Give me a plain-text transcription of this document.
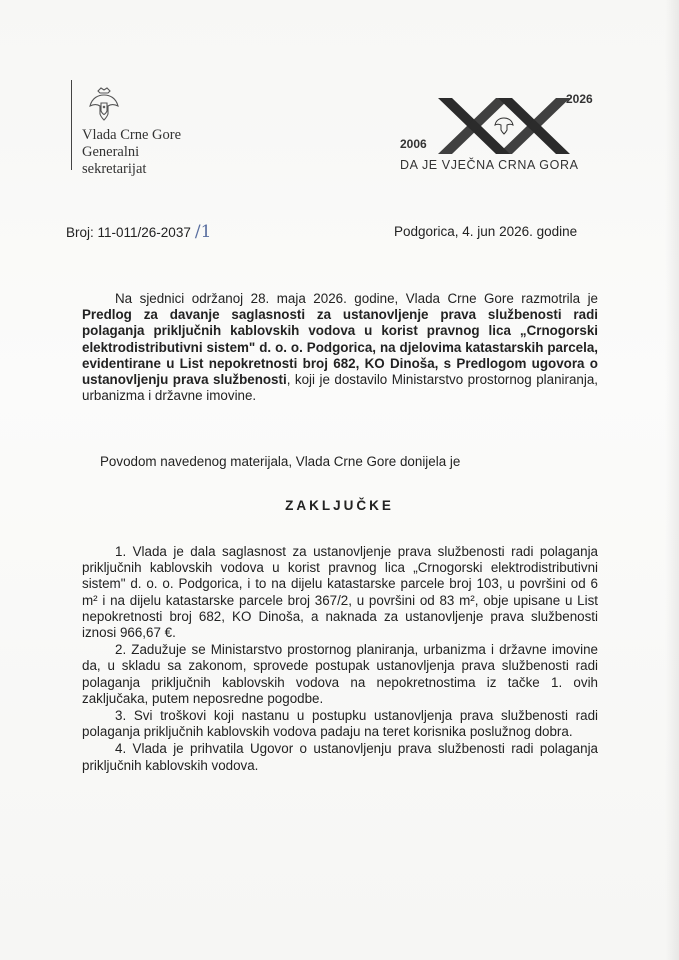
Vlada Crne Gore
Generalni
sekretarijat
2006
2026
DA JE VJEČNA CRNA GORA
Broj: 11-011/26-2037 /1	Podgorica, 4. jun 2026. godine
Na sjednici održanoj 28. maja 2026. godine, Vlada Crne Gore razmotrila je Predlog za davanje saglasnosti za ustanovljenje prava službenosti radi polaganja priključnih kablovskih vodova u korist pravnog lica „Crnogorski elektrodistributivni sistem" d. o. o. Podgorica, na djelovima katastarskih parcela, evidentirane u List nepokretnosti broj 682, KO Dinoša, s Predlogom ugovora o ustanovljenju prava službenosti, koji je dostavilo Ministarstvo prostornog planiranja, urbanizma i državne imovine.
Povodom navedenog materijala, Vlada Crne Gore donijela je
ZAKLJUČKE
1. Vlada je dala saglasnost za ustanovljenje prava službenosti radi polaganja priključnih kablovskih vodova u korist pravnog lica „Crnogorski elektrodistributivni sistem" d. o. o. Podgorica, i to na dijelu katastarske parcele broj 103, u površini od 6 m² i na dijelu katastarske parcele broj 367/2, u površini od 83 m², obje upisane u List nepokretnosti broj 682, KO Dinoša, a naknada za ustanovljenje prava službenosti iznosi 966,67 €.
2. Zadužuje se Ministarstvo prostornog planiranja, urbanizma i državne imovine da, u skladu sa zakonom, sprovede postupak ustanovljenja prava službenosti radi polaganja priključnih kablovskih vodova na nepokretnostima iz tačke 1. ovih zaključaka, putem neposredne pogodbe.
3. Svi troškovi koji nastanu u postupku ustanovljenja prava službenosti radi polaganja priključnih kablovskih vodova padaju na teret korisnika poslužnog dobra.
4. Vlada je prihvatila Ugovor o ustanovljenju prava službenosti radi polaganja priključnih kablovskih vodova.
